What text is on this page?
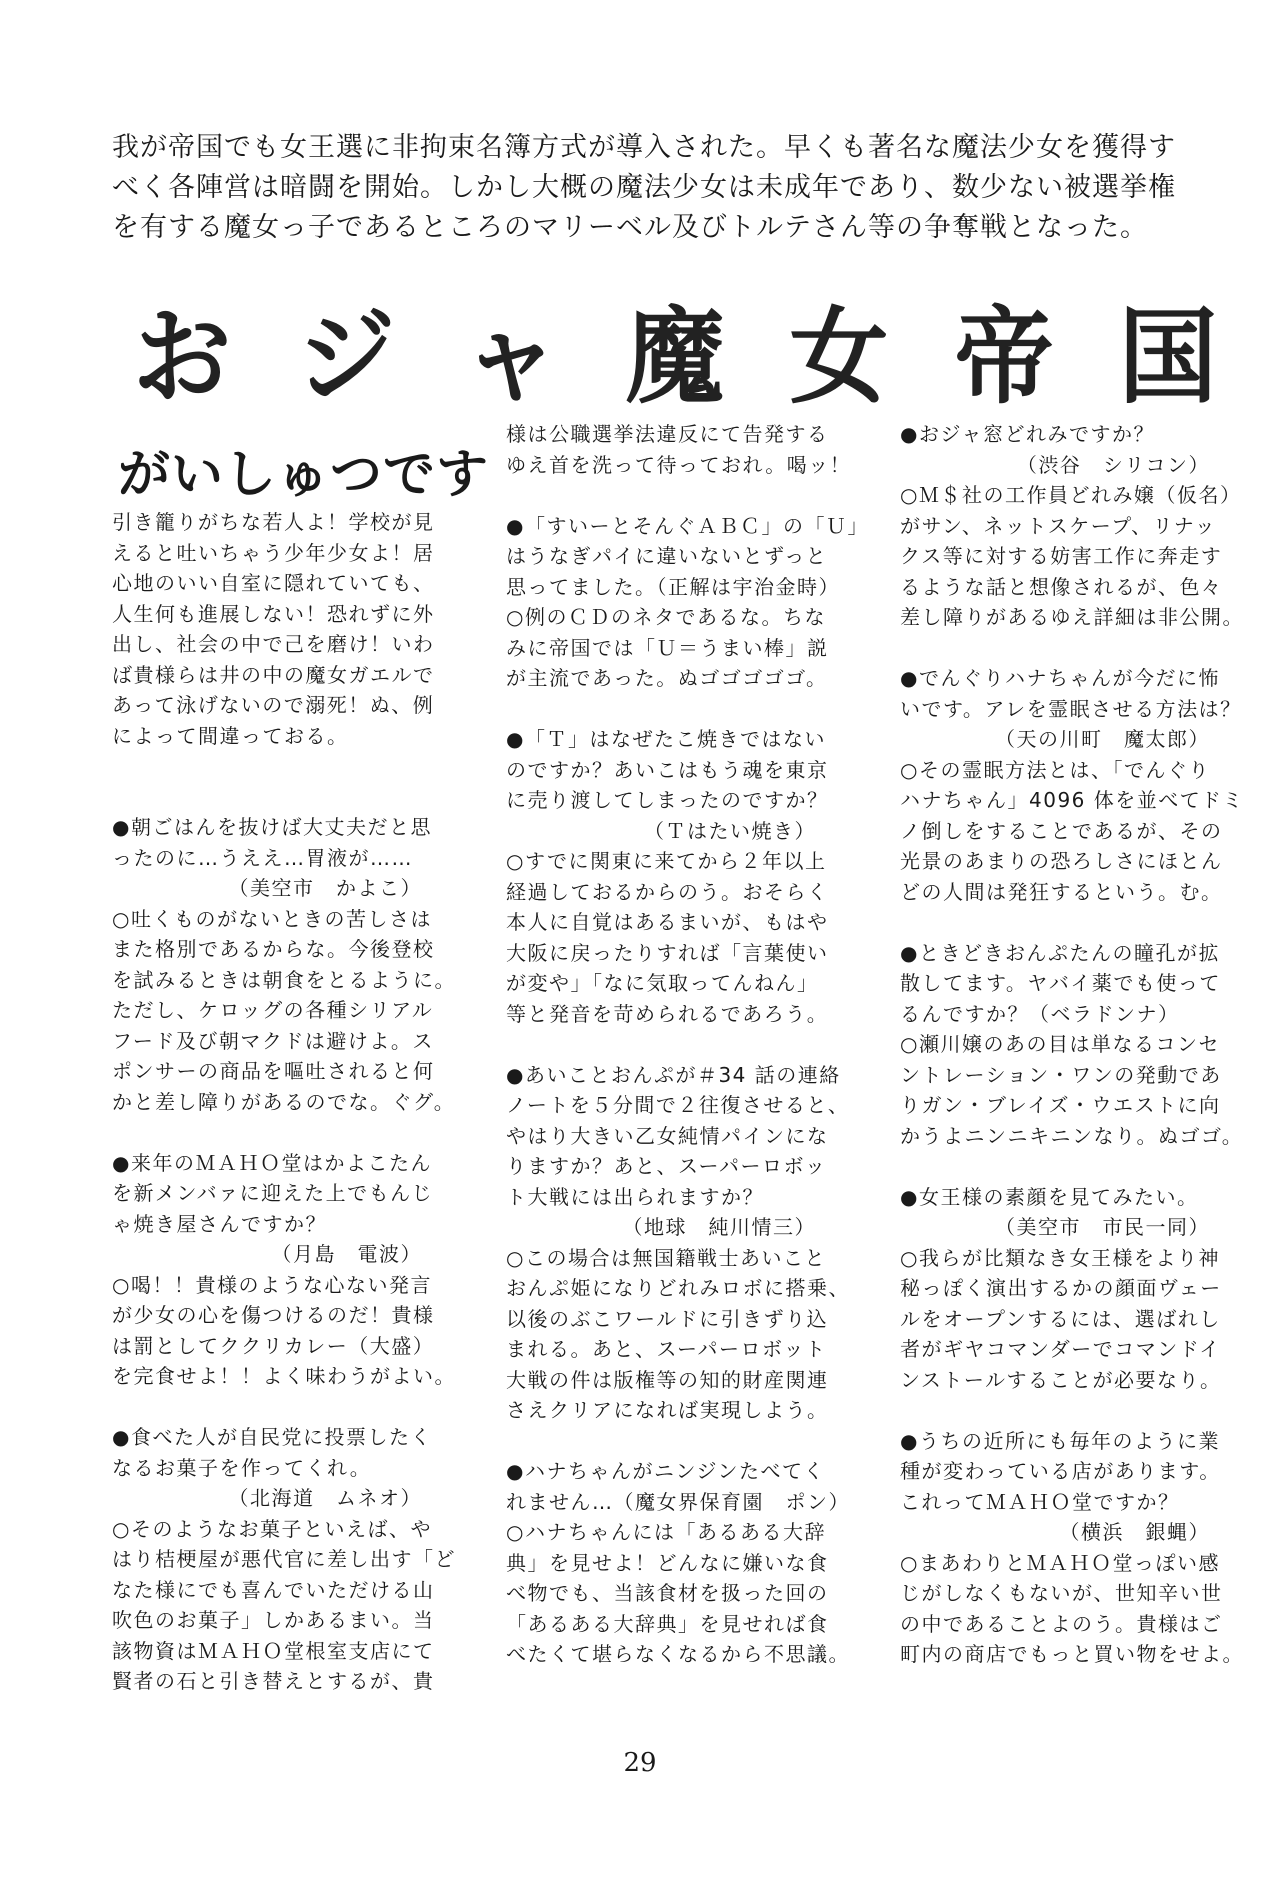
我が帝国でも女王選に非拘束名簿方式が導入された。早くも著名な魔法少女を獲得す
べく各陣営は暗闘を開始。しかし大概の魔法少女は未成年であり、数少ない被選挙権
を有する魔女っ子であるところのマリーベル及びトルテさん等の争奪戦となった。
お ジ ャ 魔 女 帝 国
がいしゅつです
引き籠りがちな若人よ！学校が見
えると吐いちゃう少年少女よ！居
心地のいい自室に隠れていても、
人生何も進展しない！恐れずに外
出し、社会の中で己を磨け！いわ
ば貴様らは井の中の魔女ガエルで
あって泳げないので溺死！ぬ、例
によって間違っておる。
●朝ごはんを抜けば大丈夫だと思
ったのに…うええ…胃液が……
（美空市　かよこ）
○吐くものがないときの苦しさは
また格別であるからな。今後登校
を試みるときは朝食をとるように。
ただし、ケロッグの各種シリアル
フード及び朝マクドは避けよ。ス
ポンサーの商品を嘔吐されると何
かと差し障りがあるのでな。ぐグ。
●来年のＭＡＨＯ堂はかよこたん
を新メンバァに迎えた上でもんじ
ゃ焼き屋さんですか？
（月島　電波）
○喝！！貴様のような心ない発言
が少女の心を傷つけるのだ！貴様
は罰としてククリカレー（大盛）
を完食せよ！！よく味わうがよい。
●食べた人が自民党に投票したく
なるお菓子を作ってくれ。
（北海道　ムネオ）
○そのようなお菓子といえば、や
はり桔梗屋が悪代官に差し出す「ど
なた様にでも喜んでいただける山
吹色のお菓子」しかあるまい。当
該物資はＭＡＨＯ堂根室支店にて
賢者の石と引き替えとするが、貴
様は公職選挙法違反にて告発する
ゆえ首を洗って待っておれ。喝ッ！
●「すいーとそんぐＡＢＣ」の「Ｕ」
はうなぎパイに違いないとずっと
思ってました。（正解は宇治金時）
○例のＣＤのネタであるな。ちな
みに帝国では「Ｕ＝うまい棒」説
が主流であった。ぬゴゴゴゴゴ。
●「Ｔ」はなぜたこ焼きではない
のですか？あいこはもう魂を東京
に売り渡してしまったのですか？
（Ｔはたい焼き）
○すでに関東に来てから２年以上
経過しておるからのう。おそらく
本人に自覚はあるまいが、もはや
大阪に戻ったりすれば「言葉使い
が変や」「なに気取ってんねん」
等と発音を苛められるであろう。
●あいことおんぷが＃34 話の連絡
ノートを５分間で２往復させると、
やはり大きい乙女純情パインにな
りますか？あと、スーパーロボッ
ト大戦には出られますか？
（地球　純川情三）
○この場合は無国籍戦士あいこと
おんぷ姫になりどれみロボに搭乗、
以後のぶこワールドに引きずり込
まれる。あと、スーパーロボット
大戦の件は版権等の知的財産関連
さえクリアになれば実現しよう。
●ハナちゃんがニンジンたべてく
れません…（魔女界保育園　ポン）
○ハナちゃんには「あるある大辞
典」を見せよ！どんなに嫌いな食
べ物でも、当該食材を扱った回の
「あるある大辞典」を見せれば食
べたくて堪らなくなるから不思議。
●おジャ窓どれみですか？
（渋谷　シリコン）
○Ｍ＄社の工作員どれみ嬢（仮名）
がサン、ネットスケープ、リナッ
クス等に対する妨害工作に奔走す
るような話と想像されるが、色々
差し障りがあるゆえ詳細は非公開。
●でんぐりハナちゃんが今だに怖
いです。アレを霊眠させる方法は？
（天の川町　魔太郎）
○その霊眠方法とは、「でんぐり
ハナちゃん」4096 体を並べてドミ
ノ倒しをすることであるが、その
光景のあまりの恐ろしさにほとん
どの人間は発狂するという。む。
●ときどきおんぷたんの瞳孔が拡
散してます。ヤバイ薬でも使って
るんですか？（ベラドンナ）
○瀬川嬢のあの目は単なるコンセ
ントレーション・ワンの発動であ
りガン・ブレイズ・ウエストに向
かうよニンニキニンなり。ぬゴゴ。
●女王様の素顔を見てみたい。
（美空市　市民一同）
○我らが比類なき女王様をより神
秘っぽく演出するかの顔面ヴェー
ルをオープンするには、選ばれし
者がギヤコマンダーでコマンドイ
ンストールすることが必要なり。
●うちの近所にも毎年のように業
種が変わっている店があります。
これってＭＡＨＯ堂ですか？
（横浜　銀蝿）
○まあわりとＭＡＨＯ堂っぽい感
じがしなくもないが、世知辛い世
の中であることよのう。貴様はご
町内の商店でもっと買い物をせよ。
29
